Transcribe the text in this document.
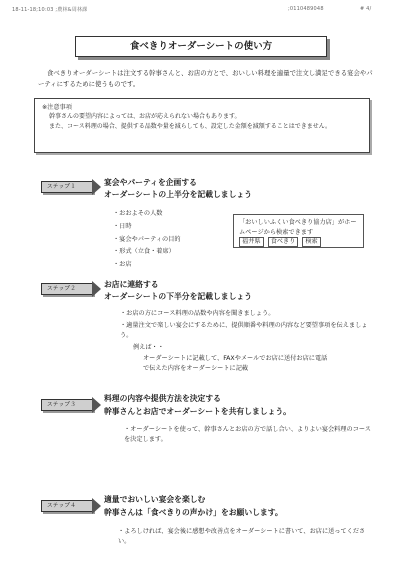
18-11-18;10:03 ;農林&周林課	;0110489048	# 4/
食べきりオーダーシートの使い方
食べきりオーダーシートは注文する幹事さんと、お店の方とで、おいしい料理を適量で注文し満足できる宴会やパーティにするために使うものです。
※注意事項
幹事さんの要望内容によっては、お店が応えられない場合もあります。
また、コース料理の場合、提供する品数や量を減らしても、設定した金額を減額することはできません。
ステップ１	宴会やパーティを企画する
オーダーシートの上半分を記載しましょう
・おおよその人数
・日時
・宴会やパーティの目的
・形式（立食・着席）
・お店
「おいしいふくい食べきり協力店」がホームページから検索できます
福井県 食べきり 検索
ステップ２	お店に連絡する
オーダーシートの下半分を記載しましょう
・お店の方にコース料理の品数や内容を聞きましょう。
・適量注文で楽しい宴会にするために、提供順番や料理の内容など要望事項を伝えましょう。
例えば・・
オーダーシートに記載して、FAXやメールでお店に送付お店に電話で伝えた内容をオーダーシートに記載
ステップ３
料理の内容や提供方法を決定する
幹事さんとお店でオーダーシートを共有しましょう。
・オーダーシートを使って、幹事さんとお店の方で話し合い、よりよい宴会料理のコースを決定します。
ステップ４
適量でおいしい宴会を楽しむ
幹事さんは「食べきりの声かけ」をお願いします。
・よろしければ、宴会後に感想や改善点をオーダーシートに書いて、お店に送ってください。
